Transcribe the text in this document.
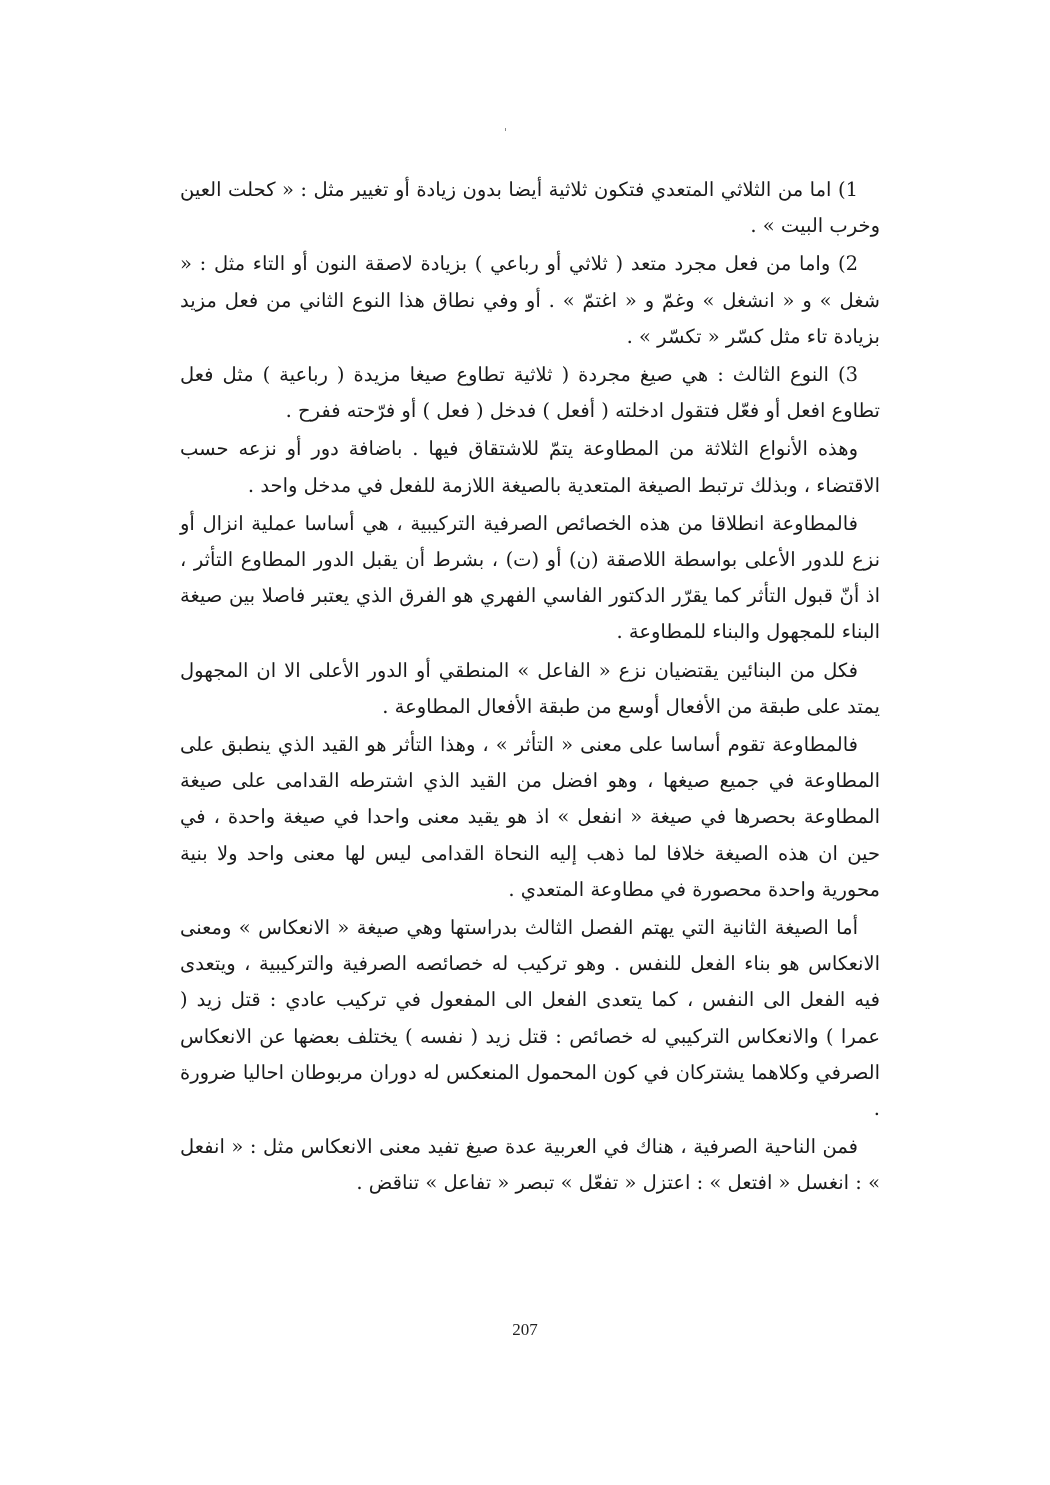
1) اما من الثلاثي المتعدي فتكون ثلاثية أيضا بدون زيادة أو تغيير مثل : « كحلت العين وخرب البيت » .

2) واما من فعل مجرد متعد ( ثلاثي أو رباعي ) بزيادة لاصقة النون أو التاء مثل : « شغل » و « انشغل » وغمّ و « اغتمّ » . أو وفي نطاق هذا النوع الثاني من فعل مزيد بزيادة تاء مثل كسّر « تكسّر » .

3) النوع الثالث : هي صيغ مجردة ( ثلاثية تطاوع صيغا مزيدة ( رباعية ) مثل فعل تطاوع افعل أو فعّل فتقول ادخلته ( أفعل ) فدخل ( فعل ) أو فرّحته ففرح .

وهذه الأنواع الثلاثة من المطاوعة يتمّ للاشتقاق فيها . باضافة دور أو نزعه حسب الاقتضاء ، وبذلك ترتبط الصيغة المتعدية بالصيغة اللازمة للفعل في مدخل واحد .

فالمطاوعة انطلاقا من هذه الخصائص الصرفية التركيبية ، هي أساسا عملية انزال أو نزع للدور الأعلى بواسطة اللاصقة (ن) أو (ت) ، بشرط أن يقبل الدور المطاوع التأثر ، اذ أنّ قبول التأثر كما يقرّر الدكتور الفاسي الفهري هو الفرق الذي يعتبر فاصلا بين صيغة البناء للمجهول والبناء للمطاوعة .

فكل من البنائين يقتضيان نزع « الفاعل » المنطقي أو الدور الأعلى الا ان المجهول يمتد على طبقة من الأفعال أوسع من طبقة الأفعال المطاوعة .

فالمطاوعة تقوم أساسا على معنى « التأثر » ، وهذا التأثر هو القيد الذي ينطبق على المطاوعة في جميع صيغها ، وهو افضل من القيد الذي اشترطه القدامى على صيغة المطاوعة بحصرها في صيغة « انفعل » اذ هو يقيد معنى واحدا في صيغة واحدة ، في حين ان هذه الصيغة خلافا لما ذهب إليه النحاة القدامى ليس لها معنى واحد ولا بنية محورية واحدة محصورة في مطاوعة المتعدي .

أما الصيغة الثانية التي يهتم الفصل الثالث بدراستها وهي صيغة « الانعكاس » ومعنى الانعكاس هو بناء الفعل للنفس . وهو تركيب له خصائصه الصرفية والتركيبية ، ويتعدى فيه الفعل الى النفس ، كما يتعدى الفعل الى المفعول في تركيب عادي : قتل زيد ( عمرا ) والانعكاس التركيبي له خصائص : قتل زيد ( نفسه ) يختلف بعضها عن الانعكاس الصرفي وكلاهما يشتركان في كون المحمول المنعكس له دوران مربوطان احاليا ضرورة .

فمن الناحية الصرفية ، هناك في العربية عدة صيغ تفيد معنى الانعكاس مثل : « انفعل » : انغسل « افتعل » : اعتزل « تفعّل » تبصر « تفاعل » تناقض .

207
